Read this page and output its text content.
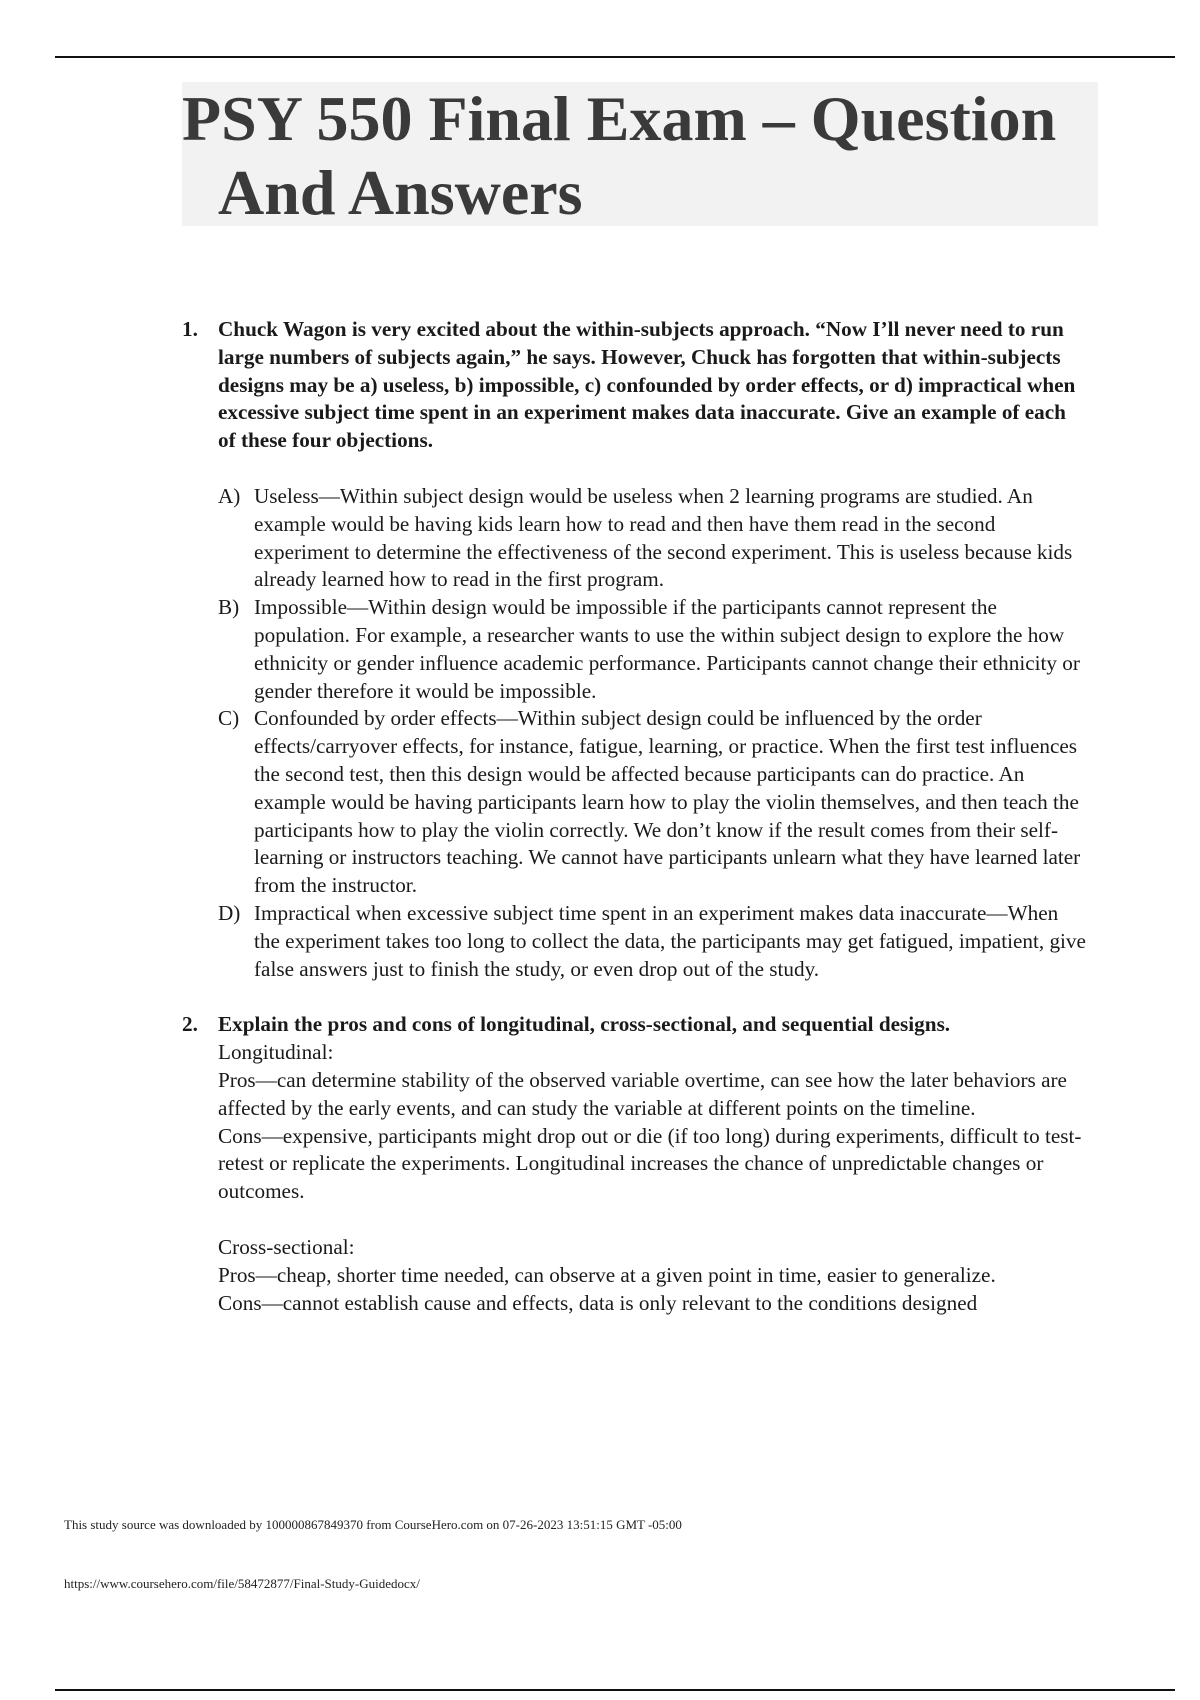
PSY 550 Final Exam – Question
And Answers
1. Chuck Wagon is very excited about the within-subjects approach. “Now I’ll never need to run large numbers of subjects again,” he says. However, Chuck has forgotten that within-subjects designs may be a) useless, b) impossible, c) confounded by order effects, or d) impractical when excessive subject time spent in an experiment makes data inaccurate. Give an example of each of these four objections.
A) Useless—Within subject design would be useless when 2 learning programs are studied. An example would be having kids learn how to read and then have them read in the second experiment to determine the effectiveness of the second experiment. This is useless because kids already learned how to read in the first program.
B) Impossible—Within design would be impossible if the participants cannot represent the population. For example, a researcher wants to use the within subject design to explore the how ethnicity or gender influence academic performance. Participants cannot change their ethnicity or gender therefore it would be impossible.
C) Confounded by order effects—Within subject design could be influenced by the order effects/carryover effects, for instance, fatigue, learning, or practice. When the first test influences the second test, then this design would be affected because participants can do practice. An example would be having participants learn how to play the violin themselves, and then teach the participants how to play the violin correctly. We don’t know if the result comes from their self-learning or instructors teaching. We cannot have participants unlearn what they have learned later from the instructor.
D) Impractical when excessive subject time spent in an experiment makes data inaccurate—When the experiment takes too long to collect the data, the participants may get fatigued, impatient, give false answers just to finish the study, or even drop out of the study.
2. Explain the pros and cons of longitudinal, cross-sectional, and sequential designs.

Longitudinal:

Pros—can determine stability of the observed variable overtime, can see how the later behaviors are affected by the early events, and can study the variable at different points on the timeline.

Cons—expensive, participants might drop out or die (if too long) during experiments, difficult to test-retest or replicate the experiments. Longitudinal increases the chance of unpredictable changes or outcomes.

Cross-sectional:

Pros—cheap, shorter time needed, can observe at a given point in time, easier to generalize.

Cons—cannot establish cause and effects, data is only relevant to the conditions designed

This study source was downloaded by 100000867849370 from CourseHero.com on 07-26-2023 13:51:15 GMT -05:00
https://www.coursehero.com/file/58472877/Final-Study-Guidedocx/
